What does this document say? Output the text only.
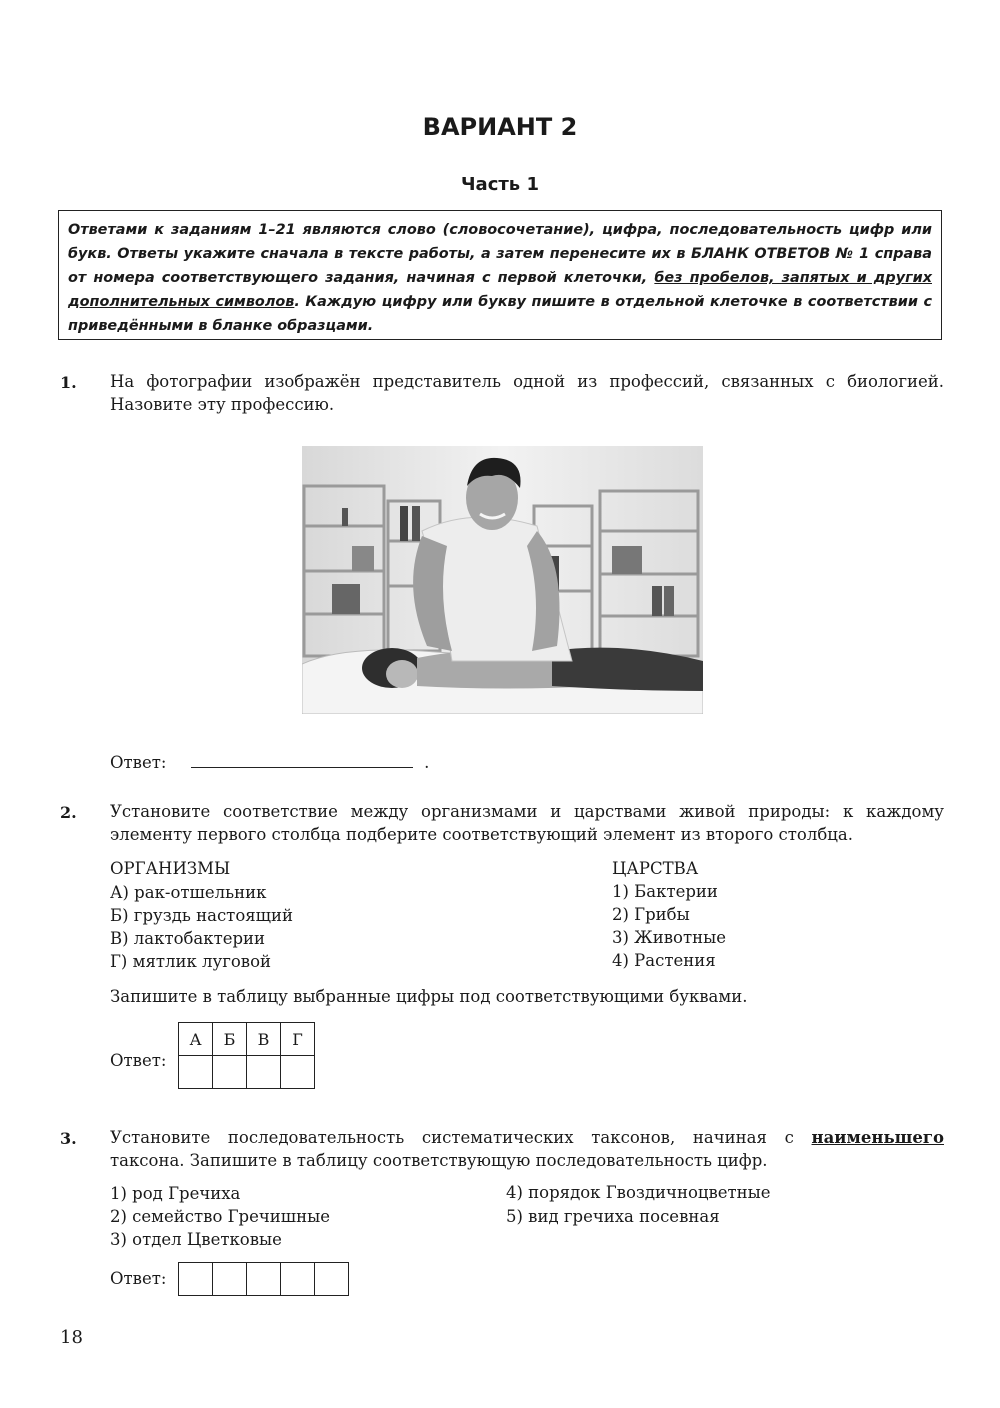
ВАРИАНТ 2
Часть 1
Ответами к заданиям 1–21 являются слово (словосочетание), цифра, последовательность цифр или букв. Ответы укажите сначала в тексте работы, а затем перенесите их в БЛАНК ОТВЕТОВ № 1 справа от номера соответствующего задания, начиная с первой клеточки, без пробелов, запятых и других дополнительных символов. Каждую цифру или букву пишите в отдельной клеточке в соответствии с приведёнными в бланке образцами.
1. На фотографии изображён представитель одной из профессий, связанных с биологией. Назовите эту профессию.
Ответ:	.
2. Установите соответствие между организмами и царствами живой природы: к каждому элементу первого столбца подберите соответствующий элемент из второго столбца.
ОРГАНИЗМЫ
А) рак-отшельник
Б) груздь настоящий
В) лактобактерии
Г) мятлик луговой
ЦАРСТВА
1) Бактерии
2) Грибы
3) Животные
4) Растения
Запишите в таблицу выбранные цифры под соответствующими буквами.
Ответ:
А	Б	В	Г

3. Установите последовательность систематических таксонов, начиная с наименьшего таксона. Запишите в таблицу соответствующую последовательность цифр.
1) род Гречиха
2) семейство Гречишные
3) отдел Цветковые
4) порядок Гвоздичноцветные
5) вид гречиха посевная
Ответ:

18
